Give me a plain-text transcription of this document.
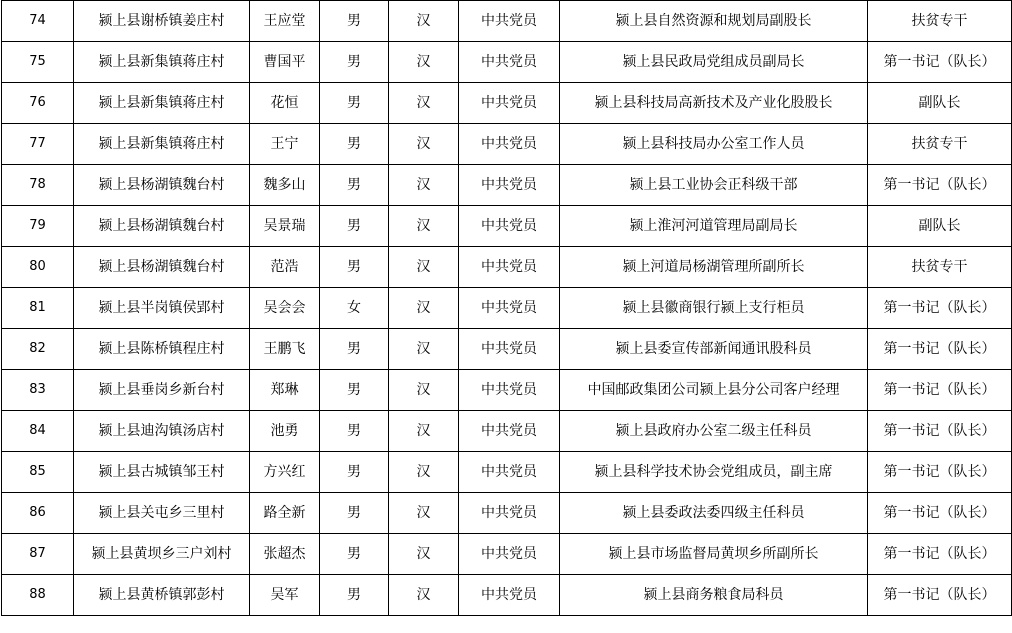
74	颍上县谢桥镇姜庄村	王应堂	男	汉	中共党员	颍上县自然资源和规划局副股长	扶贫专干
75	颍上县新集镇蒋庄村	曹国平	男	汉	中共党员	颍上县民政局党组成员副局长	第一书记（队长）
76	颍上县新集镇蒋庄村	花恒	男	汉	中共党员	颍上县科技局高新技术及产业化股股长	副队长
77	颍上县新集镇蒋庄村	王宁	男	汉	中共党员	颍上县科技局办公室工作人员	扶贫专干
78	颍上县杨湖镇魏台村	魏多山	男	汉	中共党员	颍上县工业协会正科级干部	第一书记（队长）
79	颍上县杨湖镇魏台村	吴景瑞	男	汉	中共党员	颍上淮河河道管理局副局长	副队长
80	颍上县杨湖镇魏台村	范浩	男	汉	中共党员	颍上河道局杨湖管理所副所长	扶贫专干
81	颍上县半岗镇侯郢村	吴会会	女	汉	中共党员	颍上县徽商银行颍上支行柜员	第一书记（队长）
82	颍上县陈桥镇程庄村	王鹏飞	男	汉	中共党员	颍上县委宣传部新闻通讯股科员	第一书记（队长）
83	颍上县垂岗乡新台村	郑琳	男	汉	中共党员	中国邮政集团公司颍上县分公司客户经理	第一书记（队长）
84	颍上县迪沟镇汤店村	池勇	男	汉	中共党员	颍上县政府办公室二级主任科员	第一书记（队长）
85	颍上县古城镇邹王村	方兴红	男	汉	中共党员	颍上县科学技术协会党组成员，副主席	第一书记（队长）
86	颍上县关屯乡三里村	路全新	男	汉	中共党员	颍上县委政法委四级主任科员	第一书记（队长）
87	颍上县黄坝乡三户刘村	张超杰	男	汉	中共党员	颍上县市场监督局黄坝乡所副所长	第一书记（队长）
88	颍上县黄桥镇郭彭村	吴军	男	汉	中共党员	颍上县商务粮食局科员	第一书记（队长）
